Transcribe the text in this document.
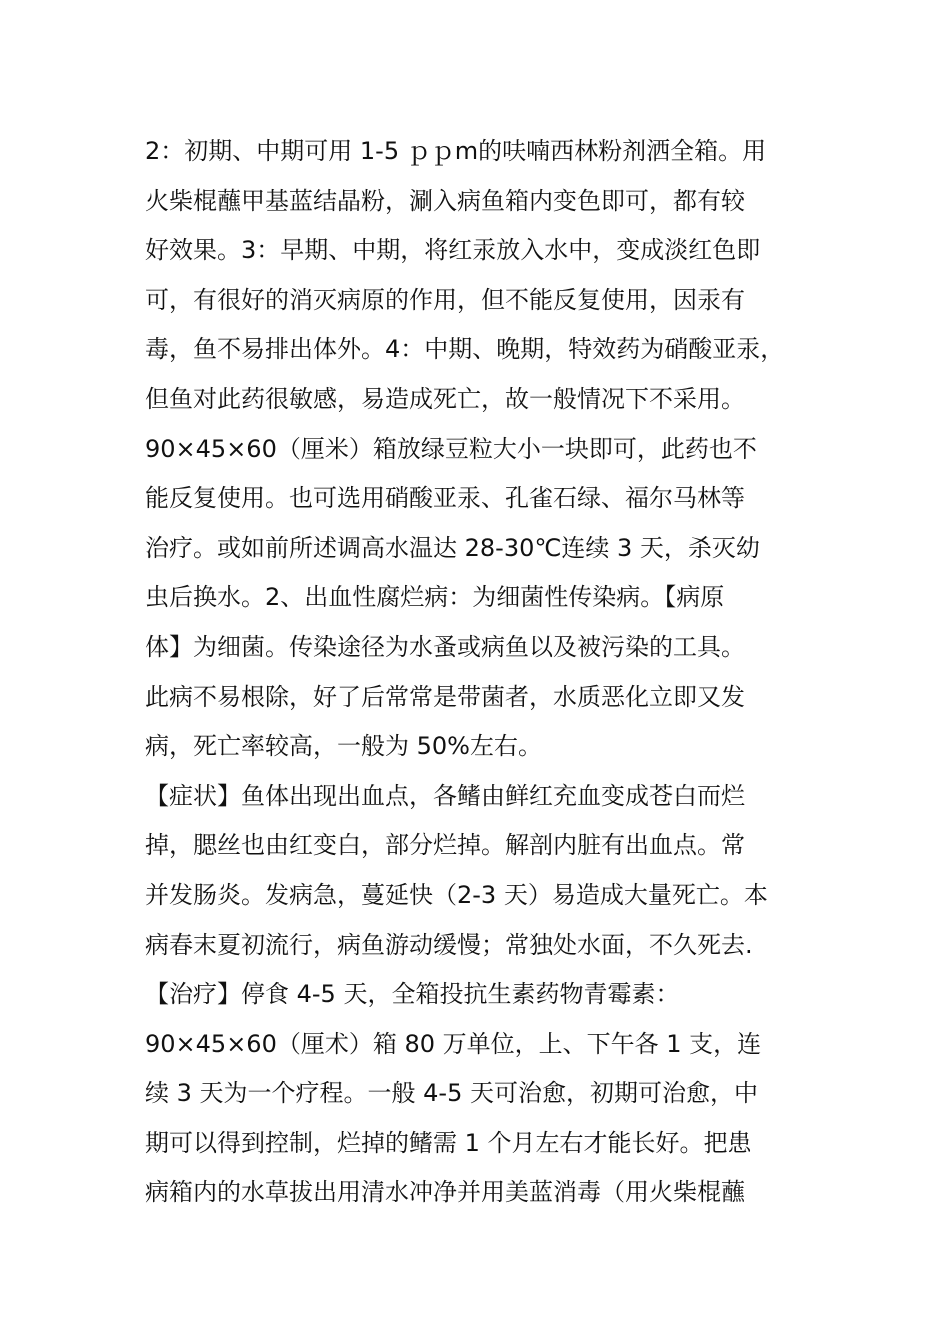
2：初期、中期可用 1-5 ｐｐm的呋喃西林粉剂洒全箱。用
火柴棍蘸甲基蓝结晶粉，涮入病鱼箱内变色即可，都有较
好效果。3：早期、中期，将红汞放入水中，变成淡红色即
可，有很好的消灭病原的作用，但不能反复使用，因汞有
毒，鱼不易排出体外。4：中期、晚期，特效药为硝酸亚汞，
但鱼对此药很敏感，易造成死亡，故一般情况下不采用。
90×45×60（厘米）箱放绿豆粒大小一块即可，此药也不
能反复使用。也可选用硝酸亚汞、孔雀石绿、福尔马林等
治疗。或如前所述调高水温达 28-30℃连续 3 天，杀灭幼
虫后换水。2、出血性腐烂病：为细菌性传染病。【病原
体】为细菌。传染途径为水蚤或病鱼以及被污染的工具。
此病不易根除，好了后常常是带菌者，水质恶化立即又发
病，死亡率较高，一般为 50%左右。
【症状】鱼体出现出血点，各鳍由鲜红充血变成苍白而烂
掉，腮丝也由红变白，部分烂掉。解剖内脏有出血点。常
并发肠炎。发病急，蔓延快（2-3 天）易造成大量死亡。本
病春末夏初流行，病鱼游动缓慢；常独处水面，不久死去.
【治疗】停食 4-5 天，全箱投抗生素药物青霉素：
90×45×60（厘术）箱 80 万单位，上、下午各 1 支，连
续 3 天为一个疗程。一般 4-5 天可治愈，初期可治愈，中
期可以得到控制，烂掉的鳍需 1 个月左右才能长好。把患
病箱内的水草拔出用清水冲净并用美蓝消毒（用火柴棍蘸
